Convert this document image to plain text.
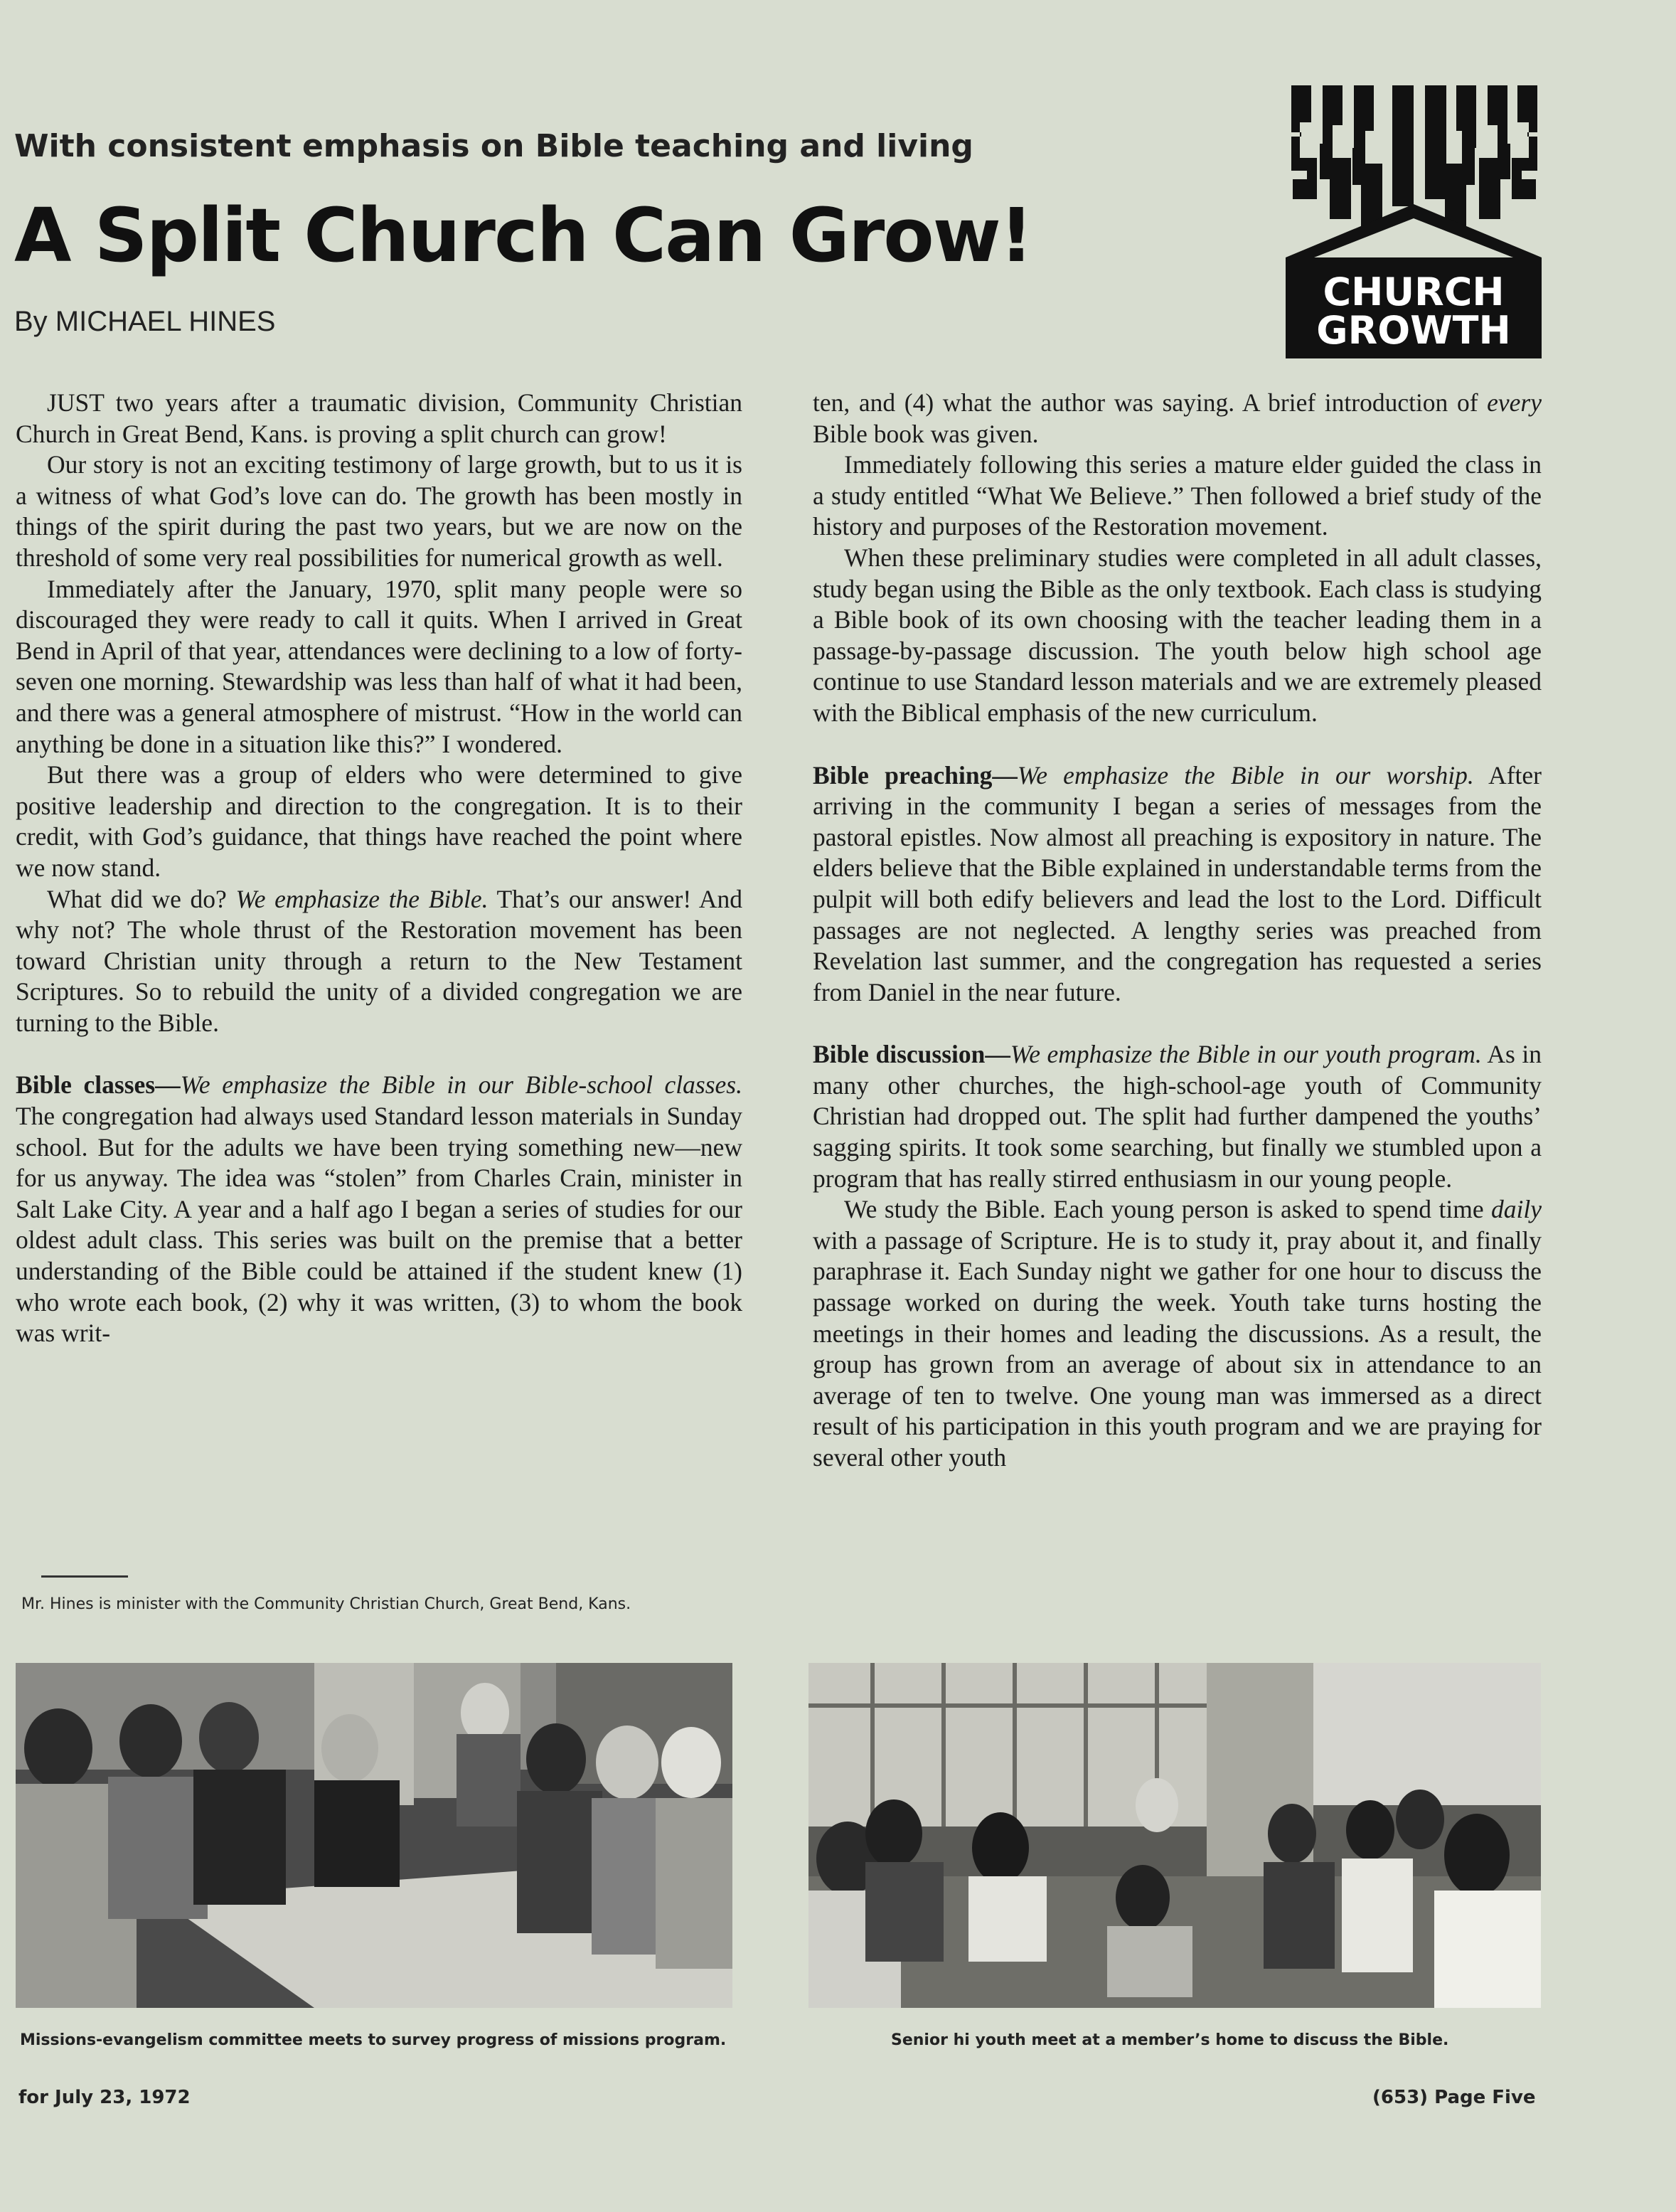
With consistent emphasis on Bible teaching and living
A Split Church Can Grow!
By MICHAEL HINES
CHURCH
GROWTH

JUST two years after a traumatic division, Community Christian Church in Great Bend, Kans. is proving a split church can grow!

Our story is not an exciting testimony of large growth, but to us it is a witness of what God’s love can do. The growth has been mostly in things of the spirit during the past two years, but we are now on the threshold of some very real possibilities for numerical growth as well.

Immediately after the January, 1970, split many people were so discouraged they were ready to call it quits. When I arrived in Great Bend in April of that year, attendances were declining to a low of forty-seven one morning. Stewardship was less than half of what it had been, and there was a general atmosphere of mistrust. “How in the world can anything be done in a situation like this?” I wondered.

But there was a group of elders who were determined to give positive leadership and direction to the congregation. It is to their credit, with God’s guidance, that things have reached the point where we now stand.

What did we do? We emphasize the Bible. That’s our answer! And why not? The whole thrust of the Restoration movement has been toward Christian unity through a return to the New Testament Scriptures. So to rebuild the unity of a divided congregation we are turning to the Bible.

Bible classes—We emphasize the Bible in our Bible-school classes. The congregation had always used Standard lesson materials in Sunday school. But for the adults we have been trying something new—new for us anyway. The idea was “stolen” from Charles Crain, minister in Salt Lake City. A year and a half ago I began a series of studies for our oldest adult class. This series was built on the premise that a better understanding of the Bible could be attained if the student knew (1) who wrote each book, (2) why it was written, (3) to whom the book was writ-

ten, and (4) what the author was saying. A brief introduction of every Bible book was given.

Immediately following this series a mature elder guided the class in a study entitled “What We Believe.” Then followed a brief study of the history and purposes of the Restoration movement.

When these preliminary studies were completed in all adult classes, study began using the Bible as the only textbook. Each class is studying a Bible book of its own choosing with the teacher leading them in a passage-by-passage discussion. The youth below high school age continue to use Standard lesson materials and we are extremely pleased with the Biblical emphasis of the new curriculum.

Bible preaching—We emphasize the Bible in our worship. After arriving in the community I began a series of messages from the pastoral epistles. Now almost all preaching is expository in nature. The elders believe that the Bible explained in understandable terms from the pulpit will both edify believers and lead the lost to the Lord. Difficult passages are not neglected. A lengthy series was preached from Revelation last summer, and the congregation has requested a series from Daniel in the near future.

Bible discussion—We emphasize the Bible in our youth program. As in many other churches, the high-school-age youth of Community Christian had dropped out. The split had further dampened the youths’ sagging spirits. It took some searching, but finally we stumbled upon a program that has really stirred enthusiasm in our young people.

We study the Bible. Each young person is asked to spend time daily with a passage of Scripture. He is to study it, pray about it, and finally paraphrase it. Each Sunday night we gather for one hour to discuss the passage worked on during the week. Youth take turns hosting the meetings in their homes and leading the discussions. As a result, the group has grown from an average of about six in attendance to an average of ten to twelve. One young man was immersed as a direct result of his participation in this youth program and we are praying for several other youth

Mr. Hines is minister with the Community Christian Church, Great Bend, Kans.
Missions-evangelism committee meets to survey progress of missions program.	Senior hi youth meet at a member’s home to discuss the Bible.
for July 23, 1972	(653) Page Five
